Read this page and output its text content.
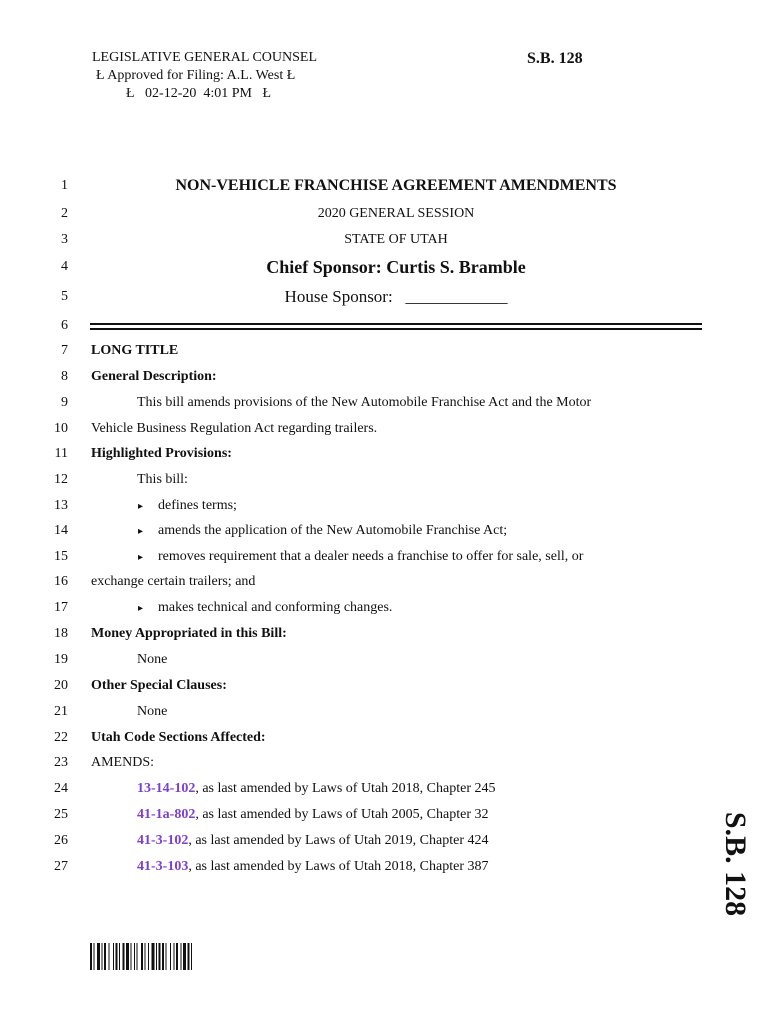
LEGISLATIVE GENERAL COUNSEL
Ł Approved for Filing: A.L. West Ł
Ł   02-12-20  4:01 PM   Ł
S.B. 128
1
2
3
4
5
6
7
8
9
10
11
12
13
14
15
16
17
18
19
20
21
22
23
24
25
26
27
NON-VEHICLE FRANCHISE AGREEMENT AMENDMENTS
2020 GENERAL SESSION
STATE OF UTAH
Chief Sponsor: Curtis S. Bramble
House Sponsor:   ____________
LONG TITLE
General Description:
This bill amends provisions of the New Automobile Franchise Act and the Motor
Vehicle Business Regulation Act regarding trailers.
Highlighted Provisions:
This bill:
▸ defines terms;
▸ amends the application of the New Automobile Franchise Act;
▸ removes requirement that a dealer needs a franchise to offer for sale, sell, or
exchange certain trailers; and
▸ makes technical and conforming changes.
Money Appropriated in this Bill:
None
Other Special Clauses:
None
Utah Code Sections Affected:
AMENDS:
13-14-102, as last amended by Laws of Utah 2018, Chapter 245
41-1a-802, as last amended by Laws of Utah 2005, Chapter 32
41-3-102, as last amended by Laws of Utah 2019, Chapter 424
41-3-103, as last amended by Laws of Utah 2018, Chapter 387	S.B. 128
